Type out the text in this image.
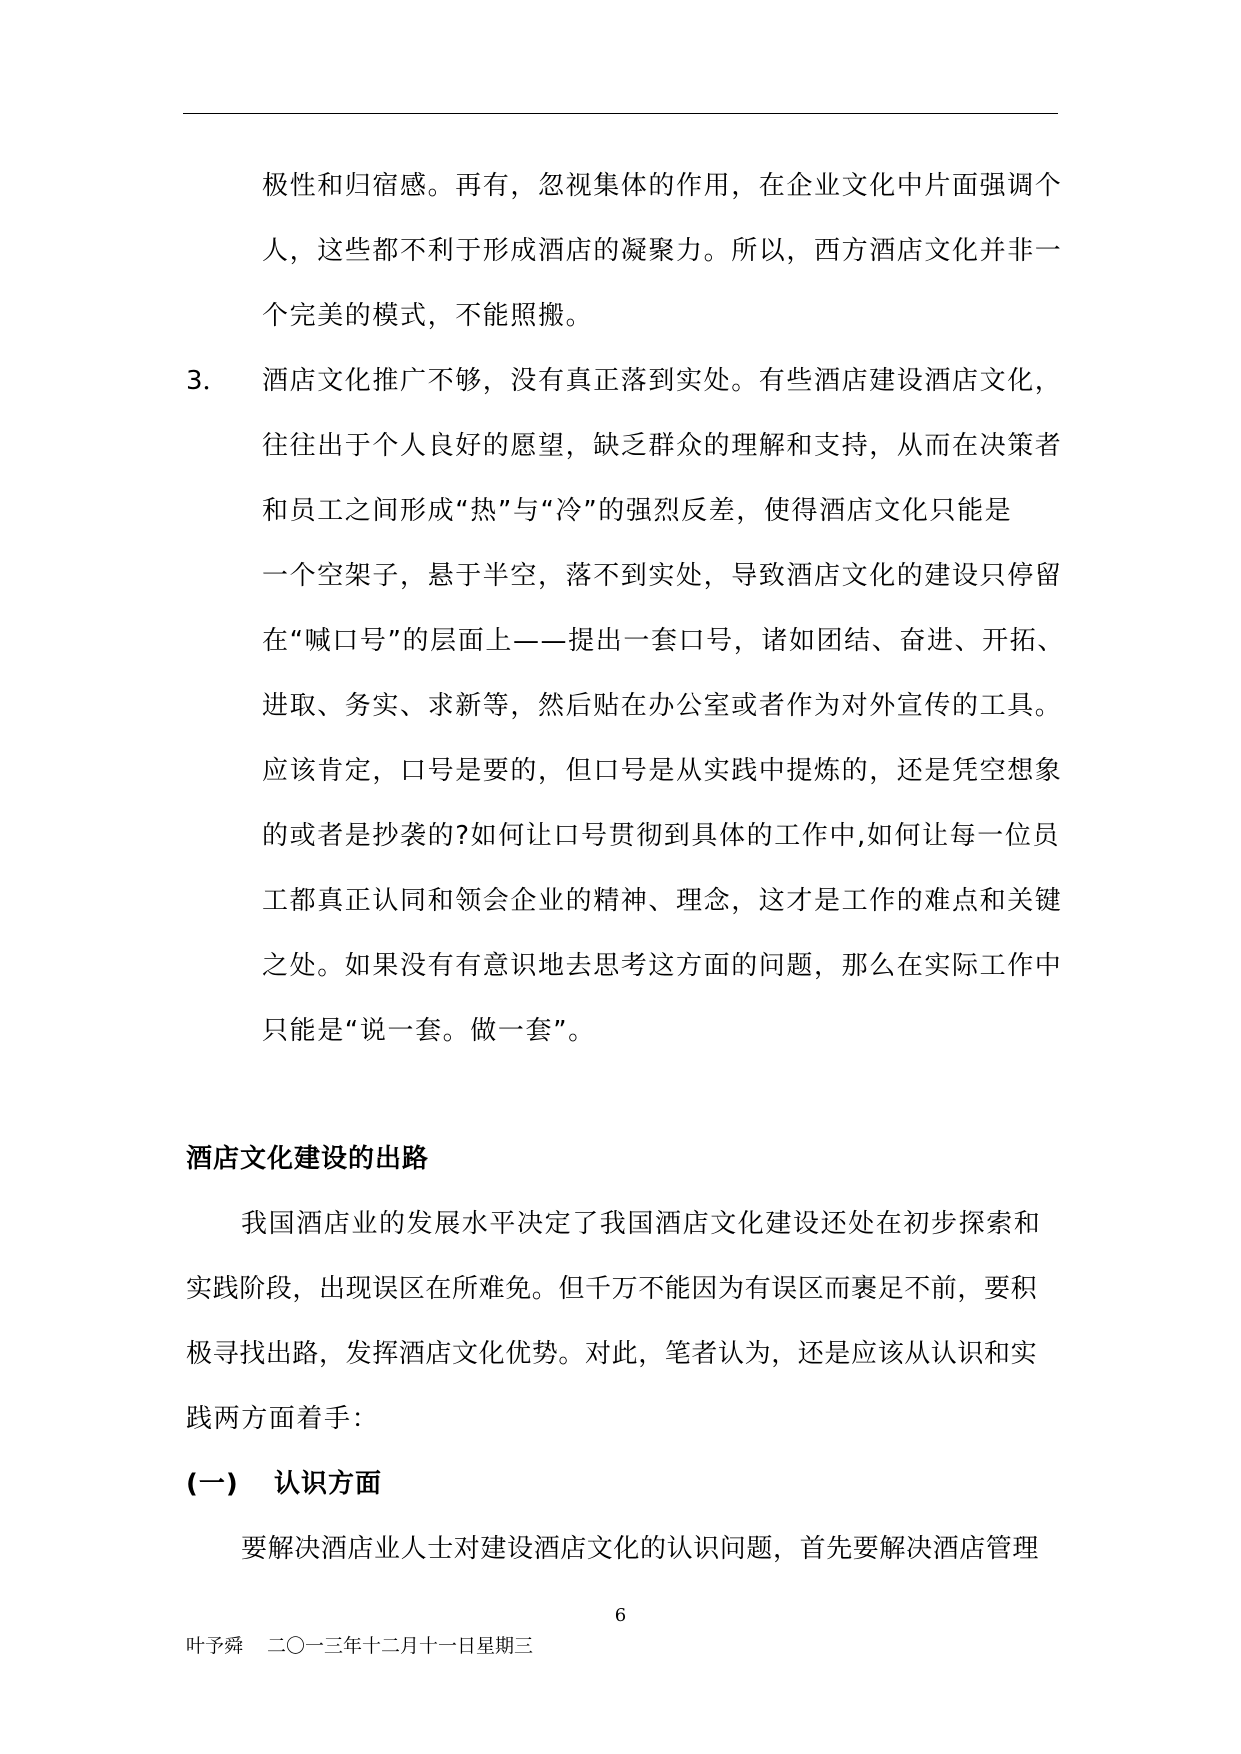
极性和归宿感。再有，忽视集体的作用，在企业文化中片面强调个
人，这些都不利于形成酒店的凝聚力。所以，西方酒店文化并非一
个完美的模式，不能照搬。
3． 酒店文化推广不够，没有真正落到实处。有些酒店建设酒店文化，
往往出于个人良好的愿望，缺乏群众的理解和支持，从而在决策者
和员工之间形成“热”与“冷”的强烈反差，使得酒店文化只能是
一个空架子，悬于半空，落不到实处，导致酒店文化的建设只停留
在“喊口号”的层面上——提出一套口号，诸如团结、奋进、开拓、
进取、务实、求新等，然后贴在办公室或者作为对外宣传的工具。
应该肯定，口号是要的，但口号是从实践中提炼的，还是凭空想象
的或者是抄袭的?如何让口号贯彻到具体的工作中,如何让每一位员
工都真正认同和领会企业的精神、理念，这才是工作的难点和关键
之处。如果没有有意识地去思考这方面的问题，那么在实际工作中
只能是“说一套。做一套”。
酒店文化建设的出路
我国酒店业的发展水平决定了我国酒店文化建设还处在初步探索和
实践阶段，出现误区在所难免。但千万不能因为有误区而裹足不前，要积
极寻找出路，发挥酒店文化优势。对此，笔者认为，还是应该从认识和实
践两方面着手：
(一) 认识方面
要解决酒店业人士对建设酒店文化的认识问题，首先要解决酒店管理
6
叶予舜 二〇一三年十二月十一日星期三
